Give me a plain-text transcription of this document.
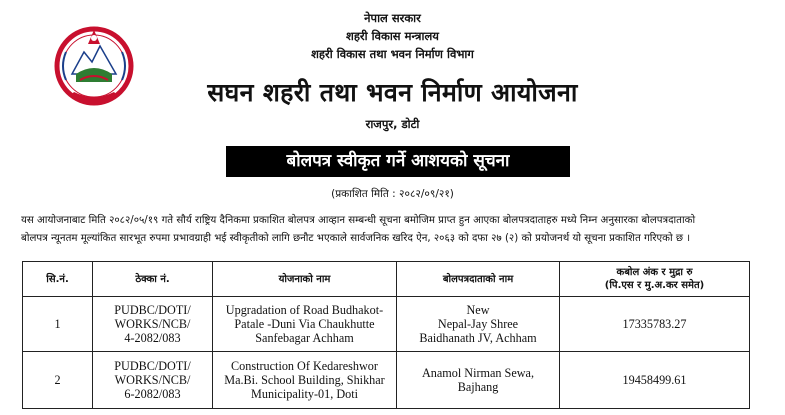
नेपाल सरकार
शहरी विकास मन्त्रालय
शहरी विकास तथा भवन निर्माण विभाग
सघन शहरी तथा भवन निर्माण आयोजना
राजपुर, डोटी
बोलपत्र स्वीकृत गर्ने आशयको सूचना
(प्रकाशित मिति : २०८२/०९/२१)
यस आयोजनाबाट मिति २०८२/०५/१९ गते सौर्य राष्ट्रिय दैनिकमा प्रकाशित बोलपत्र आव्हान सम्बन्धी सूचना बमोजिम प्राप्त हुन आएका बोलपत्रदाताहरु मध्ये निम्न अनुसारका बोलपत्रदाताको
बोलपत्र न्यूनतम मूल्यांकित सारभूत रुपमा प्रभावग्राही भई स्वीकृतीको लागि छनौट भएकाले सार्वजनिक खरिद ऐन, २०६३ को दफा २७ (२) को प्रयोजनर्थ यो सूचना प्रकाशित गरिएको छ ।
सि.नं.	ठेक्का नं.	योजनाको नाम	बोलपत्रदाताको नाम	कबोल अंक र मुद्रा रु
(पि.एस र मु.अ.कर समेत)

1	PUDBC/DOTI/
WORKS/NCB/
4-2082/083	Upgradation of Road Budhakot-
Patale -Duni Via Chaukhutte
Sanfebagar Achham	New
Nepal-Jay Shree
Baidhanath JV, Achham	17335783.27
2	PUDBC/DOTI/
WORKS/NCB/
6-2082/083	Construction Of Kedareshwor
Ma.Bi. School Building, Shikhar
Municipality-01, Doti	Anamol Nirman Sewa,
Bajhang	19458499.61
